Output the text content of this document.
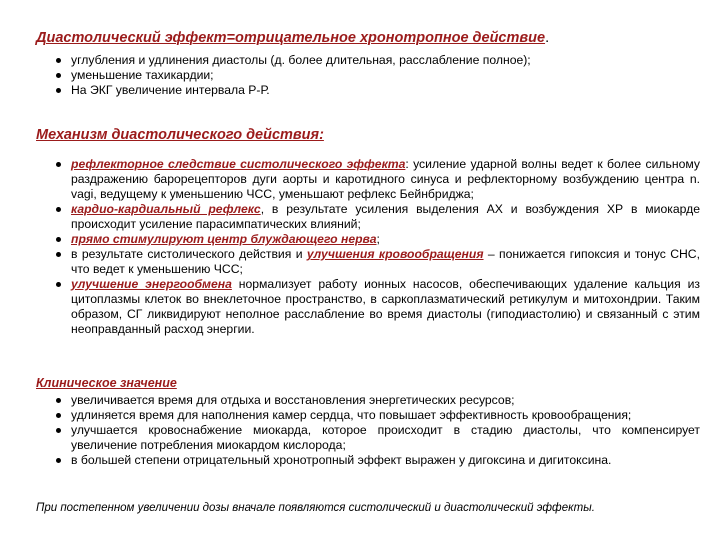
Диастолический эффект=отрицательное хронотропное действие.
углубления и удлинения диастолы (д. более длительная, расслабление полное);
уменьшение тахикардии;
На ЭКГ увеличение интервала Р-Р.
Механизм диастолического действия:
рефлекторное следствие систолического эффекта: усиление ударной волны ведет к более сильному раздражению барорецепторов дуги аорты и каротидного синуса и рефлекторному возбуждению центра n. vagi, ведущему к уменьшению ЧСС, уменьшают рефлекс Бейнбриджа;
кардио-кардиальный рефлекс, в результате усиления выделения АХ и возбуждения ХР в миокарде происходит усиление парасимпатических влияний;
прямо стимулируют центр блуждающего нерва;
в результате систолического действия и улучшения кровообращения – понижается гипоксия и тонус СНС, что ведет к уменьшению ЧСС;
улучшение энергообмена нормализует работу ионных насосов, обеспечивающих удаление кальция из цитоплазмы клеток во внеклеточное пространство, в саркоплазматический ретикулум и митохондрии. Таким образом, СГ ликвидируют неполное расслабление во время диастолы (гиподиастолию) и связанный с этим неоправданный расход энергии.
Клиническое значение
увеличивается время для отдыха и восстановления энергетических ресурсов;
удлиняется время для наполнения камер сердца, что повышает эффективность кровообращения;
улучшается кровоснабжение миокарда, которое происходит в стадию диастолы, что компенсирует увеличение потребления миокардом кислорода;
в большей степени отрицательный хронотропный эффект выражен у дигоксина и дигитоксина.
При постепенном увеличении дозы вначале появляются систолический и диастолический эффекты.
